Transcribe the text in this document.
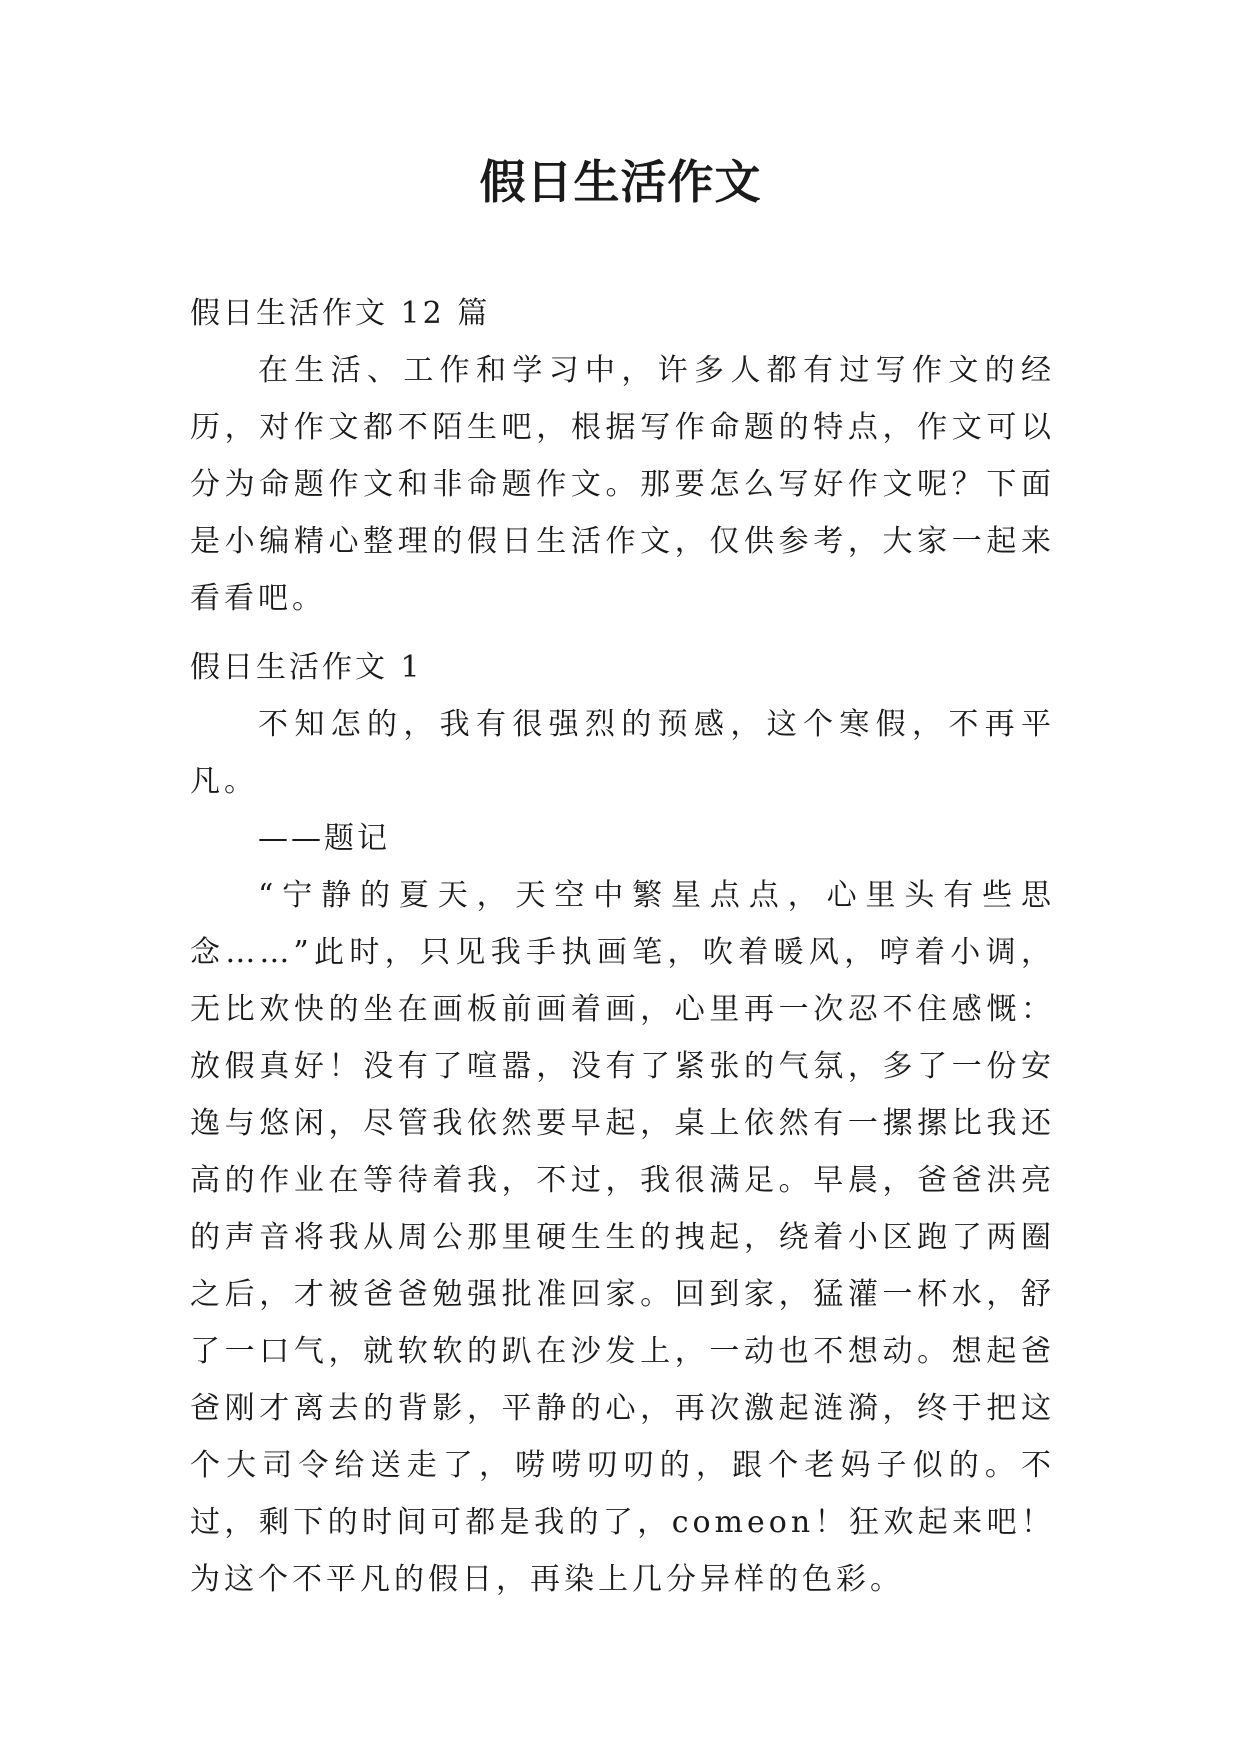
假日生活作文

假日生活作文 12 篇

在生活、工作和学习中，许多人都有过写作文的经历，对作文都不陌生吧，根据写作命题的特点，作文可以分为命题作文和非命题作文。那要怎么写好作文呢？下面是小编精心整理的假日生活作文，仅供参考，大家一起来看看吧。

假日生活作文 1

不知怎的，我有很强烈的预感，这个寒假，不再平凡。

——题记

“宁静的夏天，天空中繁星点点，心里头有些思念……”此时，只见我手执画笔，吹着暖风，哼着小调，无比欢快的坐在画板前画着画，心里再一次忍不住感慨：放假真好！没有了喧嚣，没有了紧张的气氛，多了一份安逸与悠闲，尽管我依然要早起，桌上依然有一摞摞比我还高的作业在等待着我，不过，我很满足。早晨，爸爸洪亮的声音将我从周公那里硬生生的拽起，绕着小区跑了两圈之后，才被爸爸勉强批准回家。回到家，猛灌一杯水，舒了一口气，就软软的趴在沙发上，一动也不想动。想起爸爸刚才离去的背影，平静的心，再次激起涟漪，终于把这个大司令给送走了，唠唠叨叨的，跟个老妈子似的。不过，剩下的时间可都是我的了，comeon！狂欢起来吧！为这个不平凡的假日，再染上几分异样的色彩。
